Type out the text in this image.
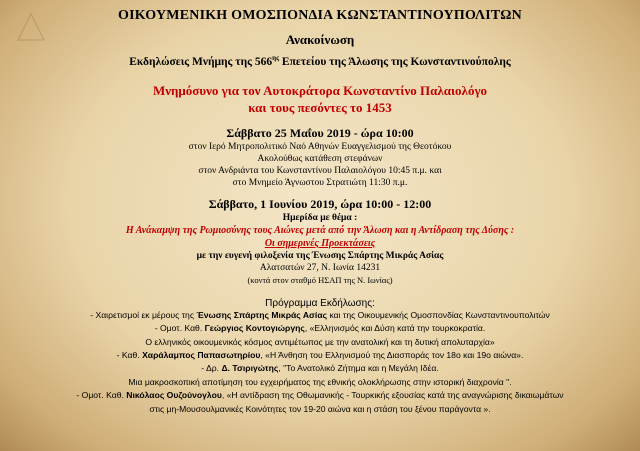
ΟΙΚΟΥΜΕΝΙΚΗ ΟΜΟΣΠΟΝΔΙΑ ΚΩΝΣΤΑΝΤΙΝΟΥΠΟΛΙΤΩΝ
Ανακοίνωση
Εκδηλώσεις Μνήμης της $566^{\eta\varsigma}$ Επετείου της Άλωσης της Κωνσταντινούπολης
Μνημόσυνο για τον Αυτοκράτορα Κωνσταντίνο Παλαιολόγο
και τους πεσόντες το 1453
Σάββατο 25 Μαΐου 2019 - ώρα 10:00
στον Ιερό Μητροπολιτικό Ναό Αθηνών Ευαγγελισμού της Θεοτόκου
Ακολούθως κατάθεση στεφάνων
στον Ανδριάντα του Κωνσταντίνου Παλαιολόγου 10:45 π.μ. και
στο Μνημείο Άγνωστου Στρατιώτη 11:30 π.μ.
Σάββατο, 1 Ιουνίου 2019, ώρα 10:00 - 12:00
Ημερίδα με θέμα :
Η Ανάκαμψη της Ρωμιοσύνης τους Αιώνες μετά από την Άλωση και η Αντίδραση της Δύσης :
Οι σημερινές Προεκτάσεις
με την ευγενή φιλοξενία της Ένωσης Σπάρτης Μικράς Ασίας
Αλατσατών 27, Ν. Ιωνία 14231
(κοντά στον σταθμό ΗΣΑΠ της Ν. Ιωνίας)
Πρόγραμμα Εκδήλωσης:
- Χαιρετισμοί εκ μέρους της Ένωσης Σπάρτης Μικράς Ασίας και της Οικουμενικής Ομοσπονδίας Κωνσταντινουπολιτών
- Ομοτ. Καθ. Γεώργιος Κοντογιώργης, «Ελληνισμός και Δύση κατά την τουρκοκρατία.
Ο ελληνικός οικουμενικός κόσμος αντιμέτωπος με την ανατολική και τη δυτική απολυταρχία»
- Καθ. Χαράλαμπος Παπασωτηρίου, «Η Άνθηση του Ελληνισμού της Διασποράς τον 18ο και 19ο αιώνα».
- Δρ. Δ. Τσιριγώτης, "Το Ανατολικό Ζήτημα και η Μεγάλη Ιδέα.
Μια μακροσκοπική αποτίμηση του εγχειρήματος της εθνικής ολοκλήρωσης στην ιστορική διαχρονία ".
- Ομοτ. Καθ. Νικόλαος Ουζούνογλου, «Η αντίδραση της Οθωμανικής - Τουρκικής εξουσίας κατά της αναγνώρισης δικαιωμάτων
στις μη-Μουσουλμανικές Κοινότητες τον 19-20 αιώνα και η στάση του ξένου παράγοντα ».
